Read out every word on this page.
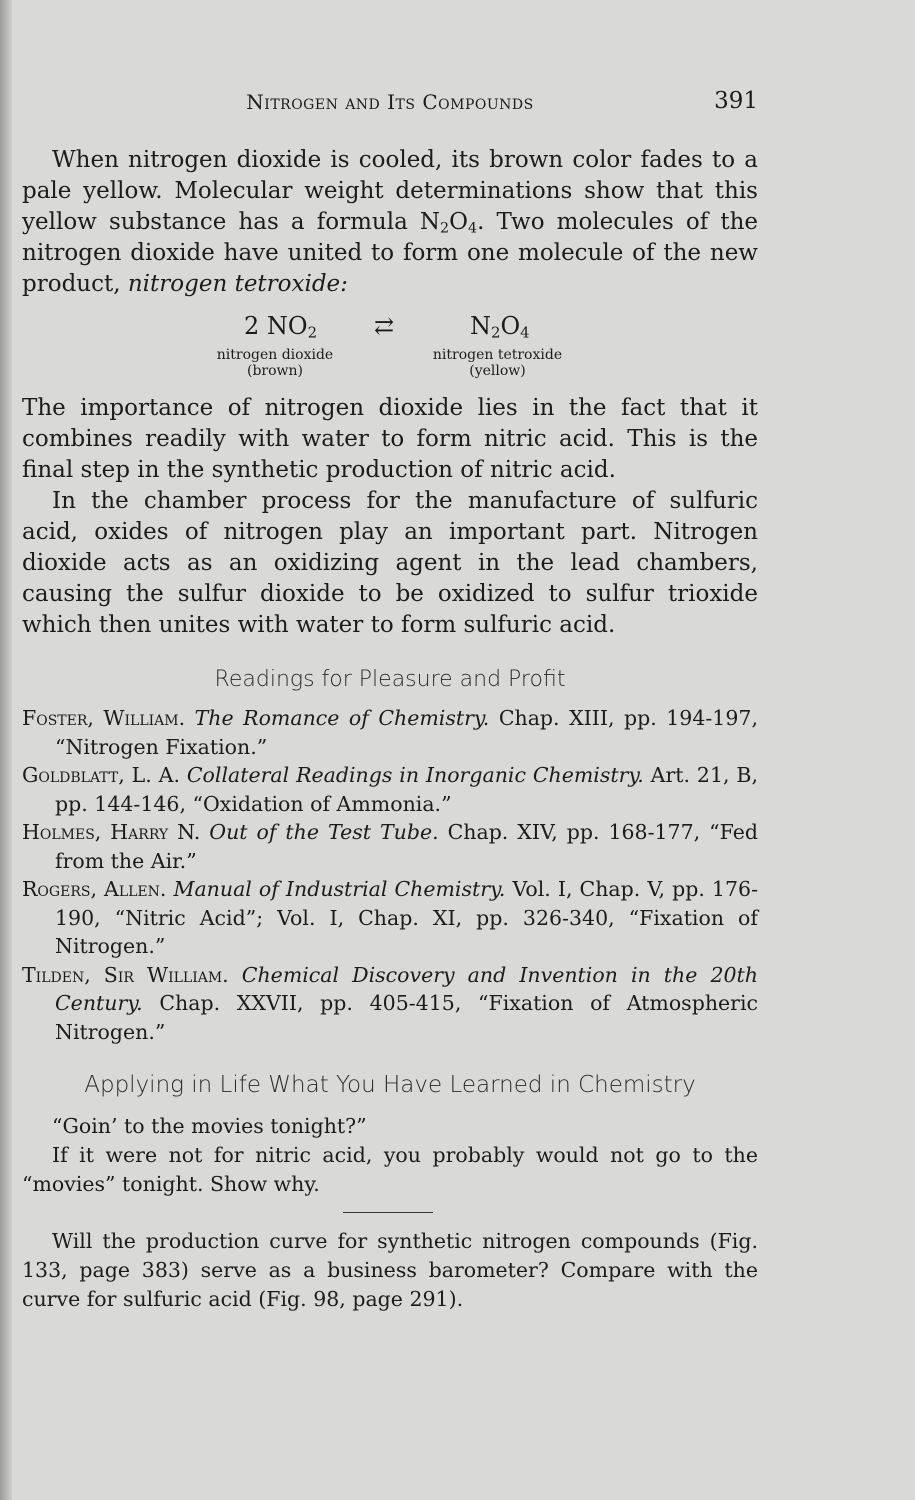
Nitrogen and Its Compounds	391
When nitrogen dioxide is cooled, its brown color fades to a pale yellow. Molecular weight determinations show that this yellow substance has a formula $N_2O_4$. Two molecules of the nitrogen dioxide have united to form one molecule of the new product, nitrogen tetroxide:
2 $NO_2$ ⇄	$N_2O_4$
nitrogen dioxide
(brown)
nitrogen tetroxide
(yellow)
The importance of nitrogen dioxide lies in the fact that it combines readily with water to form nitric acid. This is the final step in the synthetic production of nitric acid.
In the chamber process for the manufacture of sulfuric acid, oxides of nitrogen play an important part. Nitrogen dioxide acts as an oxidizing agent in the lead chambers, causing the sulfur dioxide to be oxidized to sulfur trioxide which then unites with water to form sulfuric acid.
Readings for Pleasure and Profit
Foster, William. The Romance of Chemistry. Chap. XIII, pp. 194-197, “Nitrogen Fixation.”
Goldblatt, L. A. Collateral Readings in Inorganic Chemistry. Art. 21, B, pp. 144-146, “Oxidation of Ammonia.”
Holmes, Harry N. Out of the Test Tube. Chap. XIV, pp. 168-177, “Fed from the Air.”
Rogers, Allen. Manual of Industrial Chemistry. Vol. I, Chap. V, pp. 176-190, “Nitric Acid”; Vol. I, Chap. XI, pp. 326-340, “Fixation of Nitrogen.”
Tilden, Sir William. Chemical Discovery and Invention in the 20th Century. Chap. XXVII, pp. 405-415, “Fixation of Atmospheric Nitrogen.”
Applying in Life What You Have Learned in Chemistry
“Goin’ to the movies tonight?”
If it were not for nitric acid, you probably would not go to the “movies” tonight. Show why.
Will the production curve for synthetic nitrogen compounds (Fig. 133, page 383) serve as a business barometer? Compare with the curve for sulfuric acid (Fig. 98, page 291).
